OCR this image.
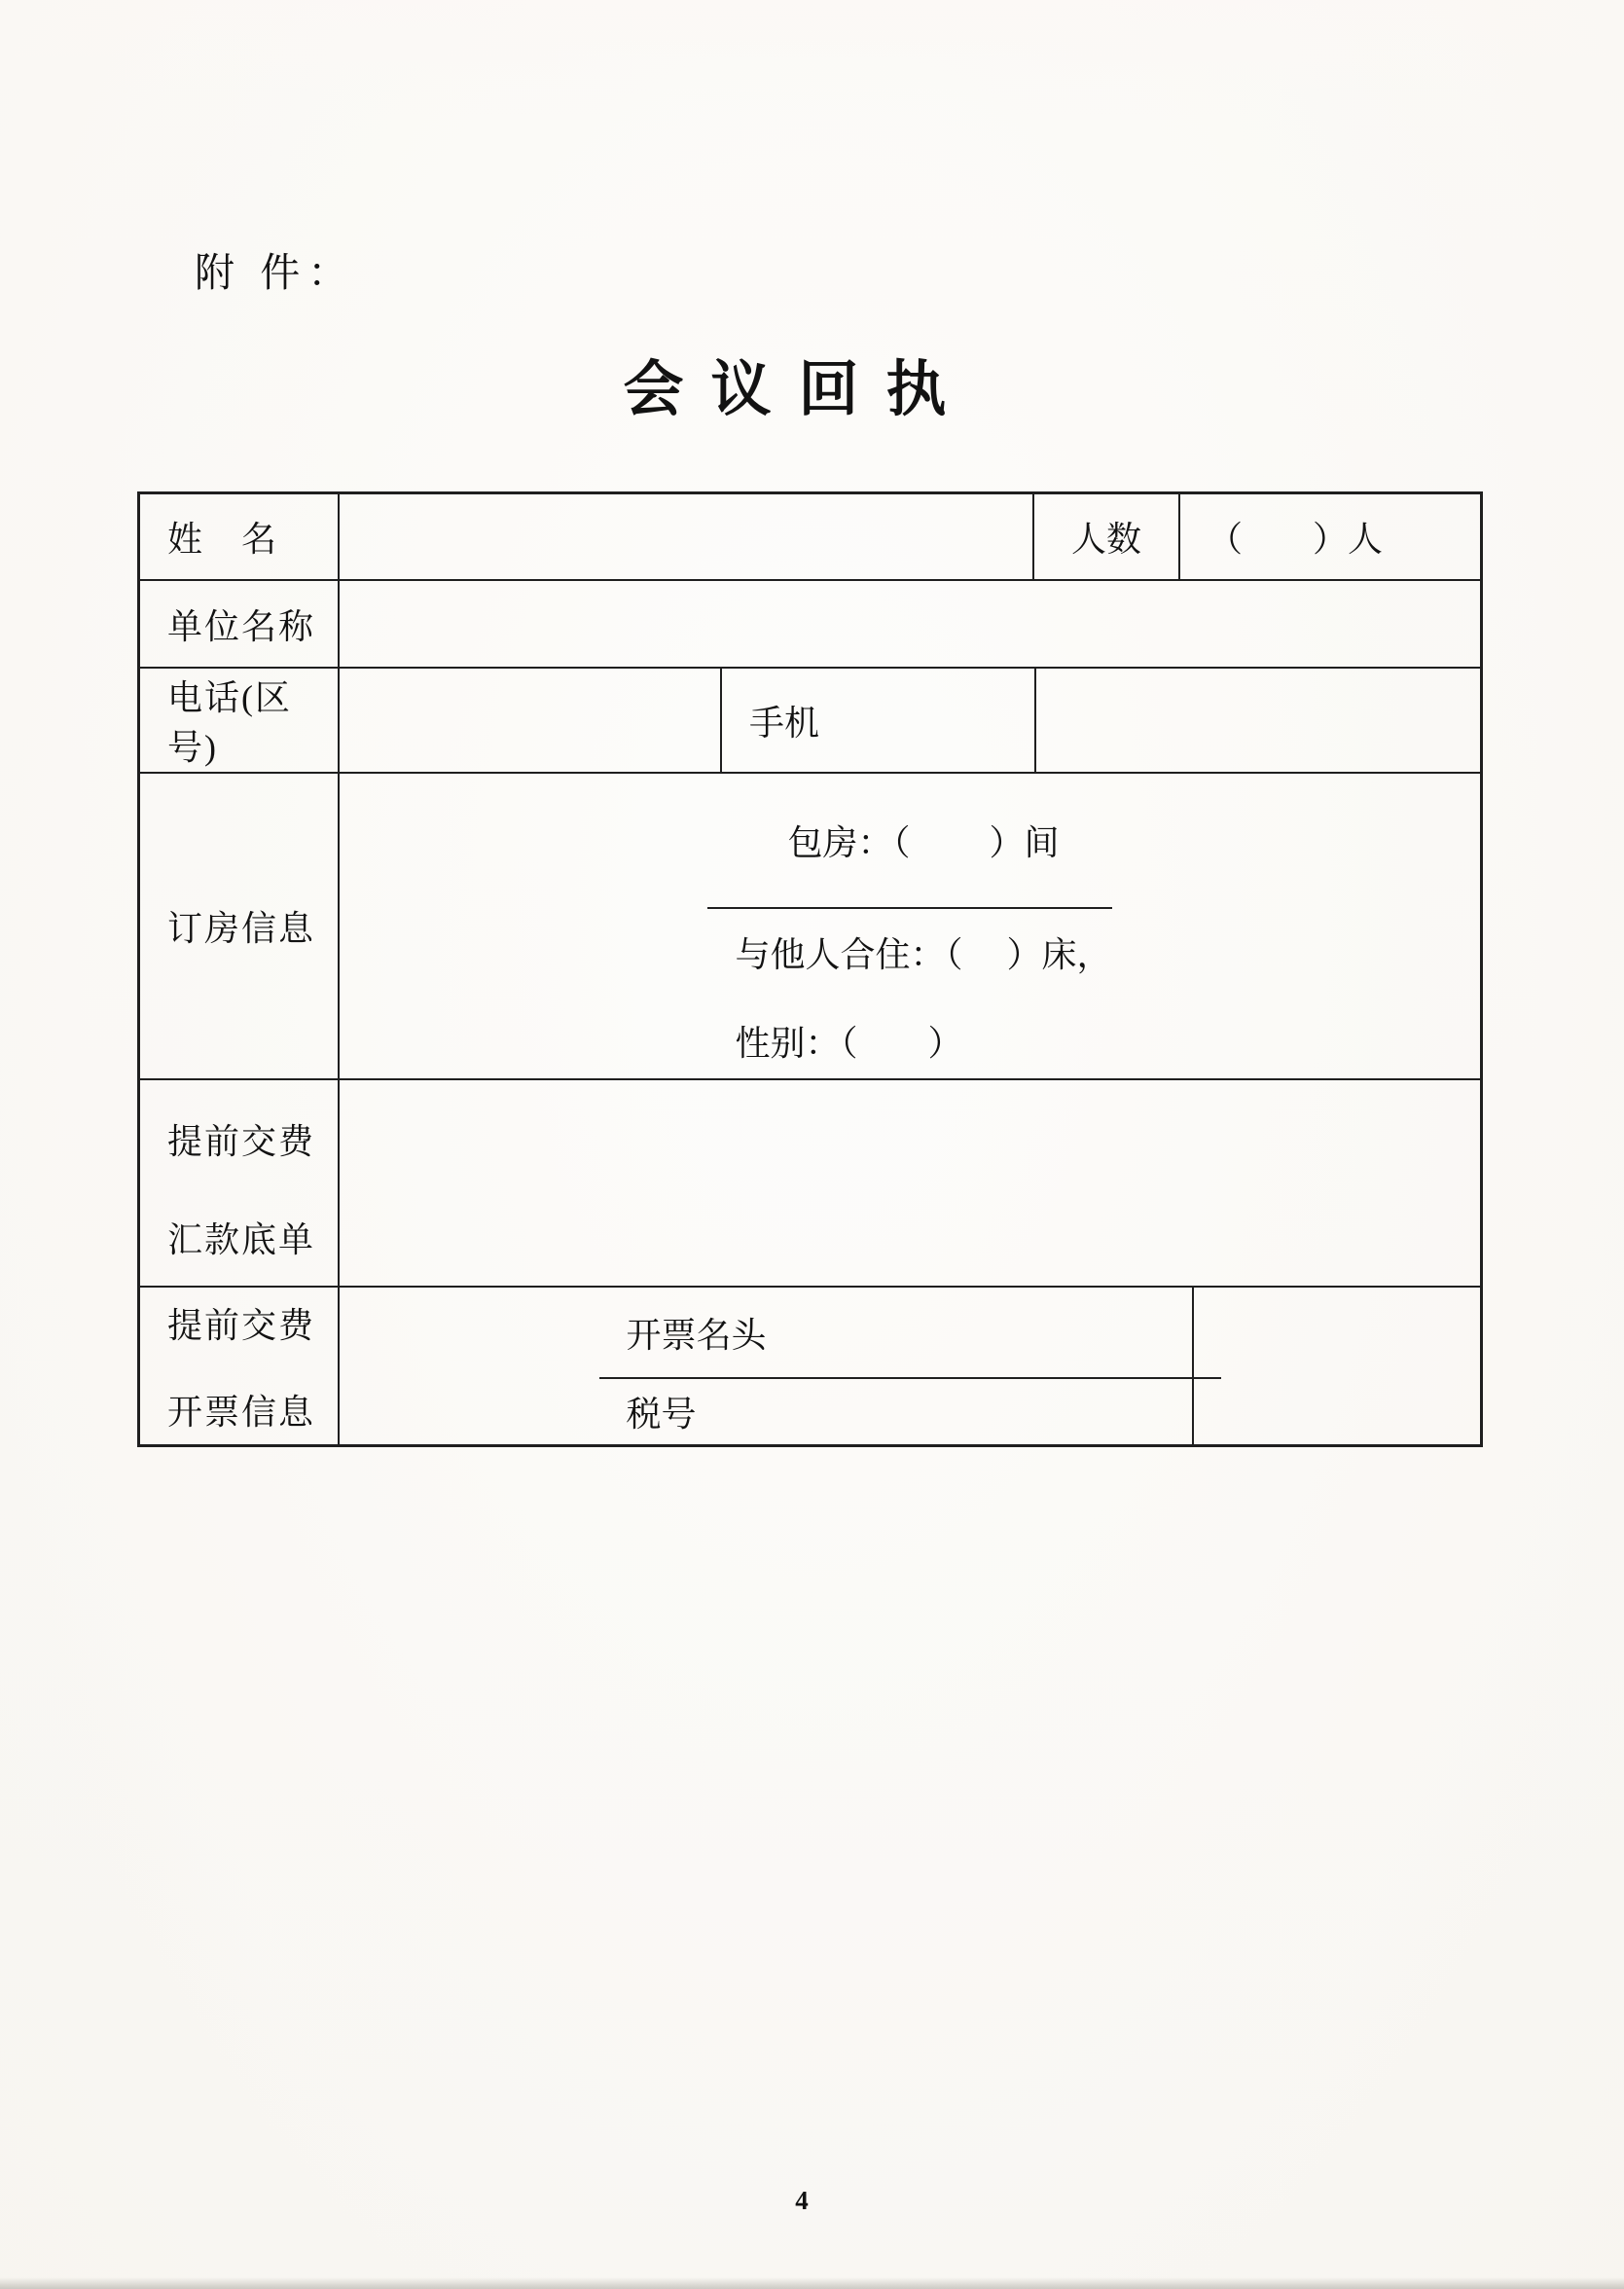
附 件：
会议回执
姓　名	人数	（　　）人
单位名称
电话(区号)
手机
订房信息
包房：（　　 ）间
与他人合住：（　 ）床，
性别：（　　）
提前交费
汇款底单
提前交费
开票信息
开票名头
税号
4
